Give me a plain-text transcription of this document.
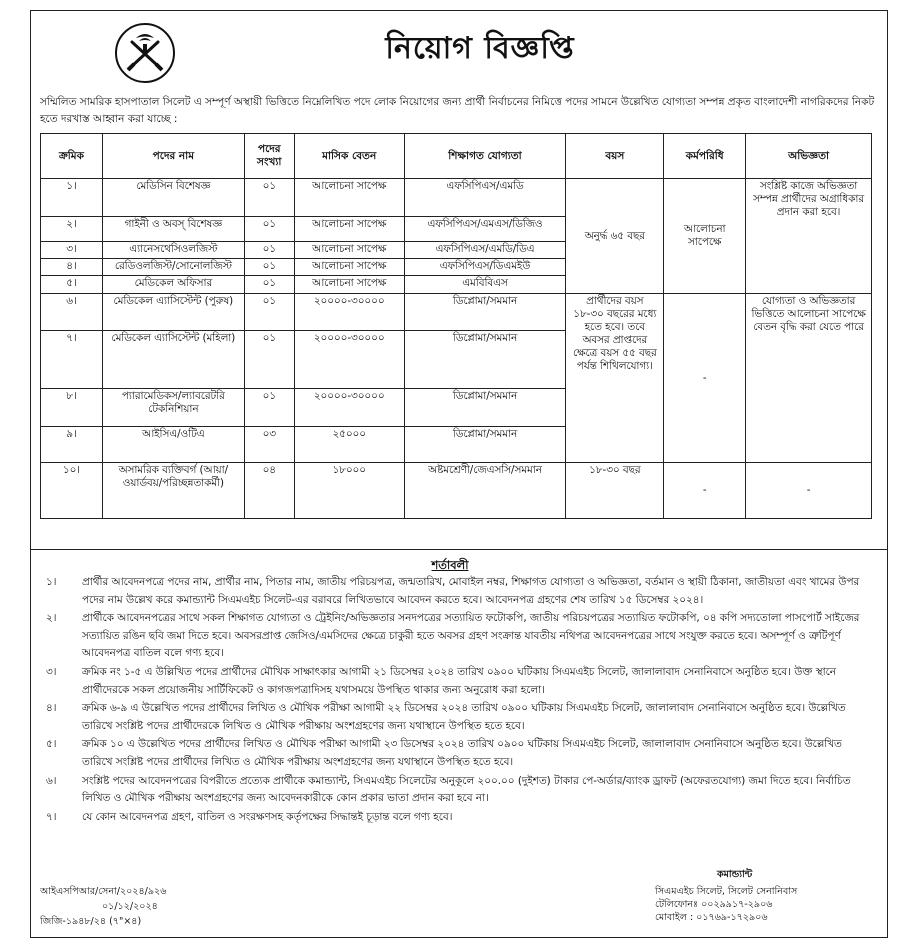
নিয়োগ বিজ্ঞপ্তি
সম্মিলিত সামরিক হাসপাতাল সিলেট এ সম্পূর্ণ অস্থায়ী ভিত্তিতে নিম্নেলিখিত পদে লোক নিয়োগের জন্য প্রার্থী নির্বাচনের নিমিত্তে পদের সামনে উল্লেখিত যোগ্যতা সম্পন্ন প্রকৃত বাংলাদেশী নাগরিকদের নিকট হতে দরখাস্ত আহ্বান করা যাচ্ছে :
ক্রমিক	পদের নাম	পদের সংখ্যা	মাসিক বেতন	শিক্ষাগত যোগ্যতা	বয়স	কর্মপরিধি	অভিজ্ঞতা
১।	মেডিসিন বিশেষজ্ঞ	০১	আলোচনা সাপেক্ষ	এফসিপিএস/এমডি	অনুর্দ্ধ ৬৫ বছর	আলোচনা সাপেক্ষে	সংশ্লিষ্ট কাজে অভিজ্ঞতা সম্পন্ন প্রার্থীদের অগ্রাধিকার প্রদান করা হবে।
২।	গাইনী ও অবস্ বিশেষজ্ঞ	০১	আলোচনা সাপেক্ষ	এফসিপিএস/এমএস/ডিজিও			
৩।	এ্যানেসথেসিওলজিস্ট	০১	আলোচনা সাপেক্ষ	এফসিপিএস/এমডি/ডিএ			
৪।	রেডিওলজিস্ট/সোনোলজিস্ট	০১	আলোচনা সাপেক্ষ	এফসিপিএস/ডিএমইউ			
৫।	মেডিকেল অফিসার	০১	আলোচনা সাপেক্ষ	এমবিবিএস			
৬।	মেডিকেল এ্যাসিস্টেন্ট (পুরুষ)	০১	২০০০০-৩০০০০	ডিপ্লোমা/সমমান	প্রার্থীদের বয়স ১৮-৩০ বছরের মধ্যে হতে হবে। তবে অবসর প্রাপ্তদের ক্ষেত্রে বয়স ৫৫ বছর পর্যন্ত শিথিলযোগ্য।	-	যোগ্যতা ও অভিজ্ঞতার ভিত্তিতে আলোচনা সাপেক্ষে বেতন বৃদ্ধি করা যেতে পারে
৭।	মেডিকেল এ্যাসিস্টেন্ট (মহিলা)	০১	২০০০০-৩০০০০	ডিপ্লোমা/সমমান			
৮।	প্যারামেডিকস/ল্যাবরেটরি টেকনিশিয়ান	০১	২০০০০-৩০০০০	ডিপ্লোমা/সমমান			
৯।	আইসিএ/ওটিএ	০৩	২৫০০০	ডিপ্লোমা/সমমান			
১০।	অসামরিক ব্যক্তিবর্গ (আয়া/ওয়ার্ডবয়/পরিচ্ছন্নতাকর্মী)	০৪	১৮০০০	অষ্টমশ্রেণী/জেএসসি/সমমান	১৮-৩০ বছর	-	-
শর্তাবলী
১।	প্রার্থীর আবেদনপত্রে পদের নাম, প্রার্থীর নাম, পিতার নাম, জাতীয় পরিচয়পত্র, জন্মতারিখ, মোবাইল নম্বর, শিক্ষাগত যোগ্যতা ও অভিজ্ঞতা, বর্তমান ও স্থায়ী ঠিকানা, জাতীয়তা এবং খামের উপর পদের নাম উল্লেখ করে কমান্ড্যান্ট সিএমএইচ সিলেট-এর বরাবরে লিখিতভাবে আবেদন করতে হবে। আবেদনপত্র গ্রহণের শেষ তারিখ ১৫ ডিসেম্বর ২০২৪।
২।	প্রার্থীকে আবেদনপত্রের সাথে সকল শিক্ষাগত যোগ্যতা ও ট্রেইনিং/অভিজ্ঞতার সনদপত্রের সত্যায়িত ফটোকপি, জাতীয় পরিচয়পত্রের সত্যায়িত ফটোকপি, ০৪ কপি সদ্যতোলা পাসপোর্ট সাইজের সত্যায়িত রঙিন ছবি জমা দিতে হবে। অবসরপ্রাপ্ত জেসিও/এমসিদের ক্ষেত্রে চাকুরী হতে অবসর গ্রহণ সংক্রান্ত যাবতীয় নথিপত্র আবেদনপত্রের সাথে সংযুক্ত করতে হবে। অসম্পূর্ণ ও ত্রুটিপূর্ণ আবেদনপত্র বাতিল বলে গণ্য হবে।
৩।	ক্রমিক নং ১-৫ এ উল্লিখিত পদের প্রার্থীদের মৌখিক সাক্ষাৎকার আগামী ২১ ডিসেম্বর ২০২৪ তারিখ ০৯০০ ঘটিকায় সিএমএইচ সিলেট, জালালাবাদ সেনানিবাসে অনুষ্ঠিত হবে। উক্ত স্থানে প্রার্থীদেরকে সকল প্রয়োজনীয় সার্টিফিকেট ও কাগজপত্রাদিসহ যথাসময়ে উপস্থিত থাকার জন্য অনুরোধ করা হলো।
৪।	ক্রমিক ৬-৯ এ উল্লেখিত পদের প্রার্থীদের লিখিত ও মৌখিক পরীক্ষা আগামী ২২ ডিসেম্বর ২০২৪ তারিখ ০৯০০ ঘটিকায় সিএমএইচ সিলেট, জালালাবাদ সেনানিবাসে অনুষ্ঠিত হবে। উল্লেখিত তারিখে সংশ্লিষ্ট পদের প্রার্থীদেরকে লিখিত ও মৌখিক পরীক্ষায় অংশগ্রহণের জন্য যথাস্থানে উপস্থিত হতে হবে।
৫।	ক্রমিক ১০ এ উল্লেখিত পদের প্রার্থীদের লিখিত ও মৌখিক পরীক্ষা আগামী ২৩ ডিসেম্বর ২০২৪ তারিখ ০৯০০ ঘটিকায় সিএমএইচ সিলেট, জালালাবাদ সেনানিবাসে অনুষ্ঠিত হবে। উল্লেখিত তারিখে সংশ্লিষ্ট পদের প্রার্থীদের লিখিত ও মৌখিক পরীক্ষায় অংশগ্রহণের জন্য যথাস্থানে উপস্থিত হতে হবে।
৬।	সংশ্লিষ্ট পদের আবেদনপত্রের বিপরীতে প্রত্যেক প্রার্থীকে কমান্ড্যান্ট, সিএমএইচ সিলেটের অনুকূলে ২০০.০০ (দুইশত) টাকার পে-অর্ডার/ব্যাংক ড্রাফট (অফেরতযোগ্য) জমা দিতে হবে। নির্বাচিত লিখিত ও মৌখিক পরীক্ষায় অংশগ্রহণের জন্য আবেদনকারীকে কোন প্রকার ভাতা প্রদান করা হবে না।
৭।	যে কোন আবেদনপত্র গ্রহণ, বাতিল ও সংরক্ষণসহ কর্তৃপক্ষের সিদ্ধান্তই চূড়ান্ত বলে গণ্য হবে।
আইএসপিআর/সেনা/২০২৪/৯২৬
০১/১২/২০২৪
জিজি-১৯৪৮/২৪ (৭"×৪)
কমান্ড্যান্ট
সিএমএইচ সিলেট, সিলেট সেনানিবাস
টেলিফোনঃ ০০২৯৯১৭-২৯০৬
মোবাইল : ০১৭৬৯-১৭২৯০৬
